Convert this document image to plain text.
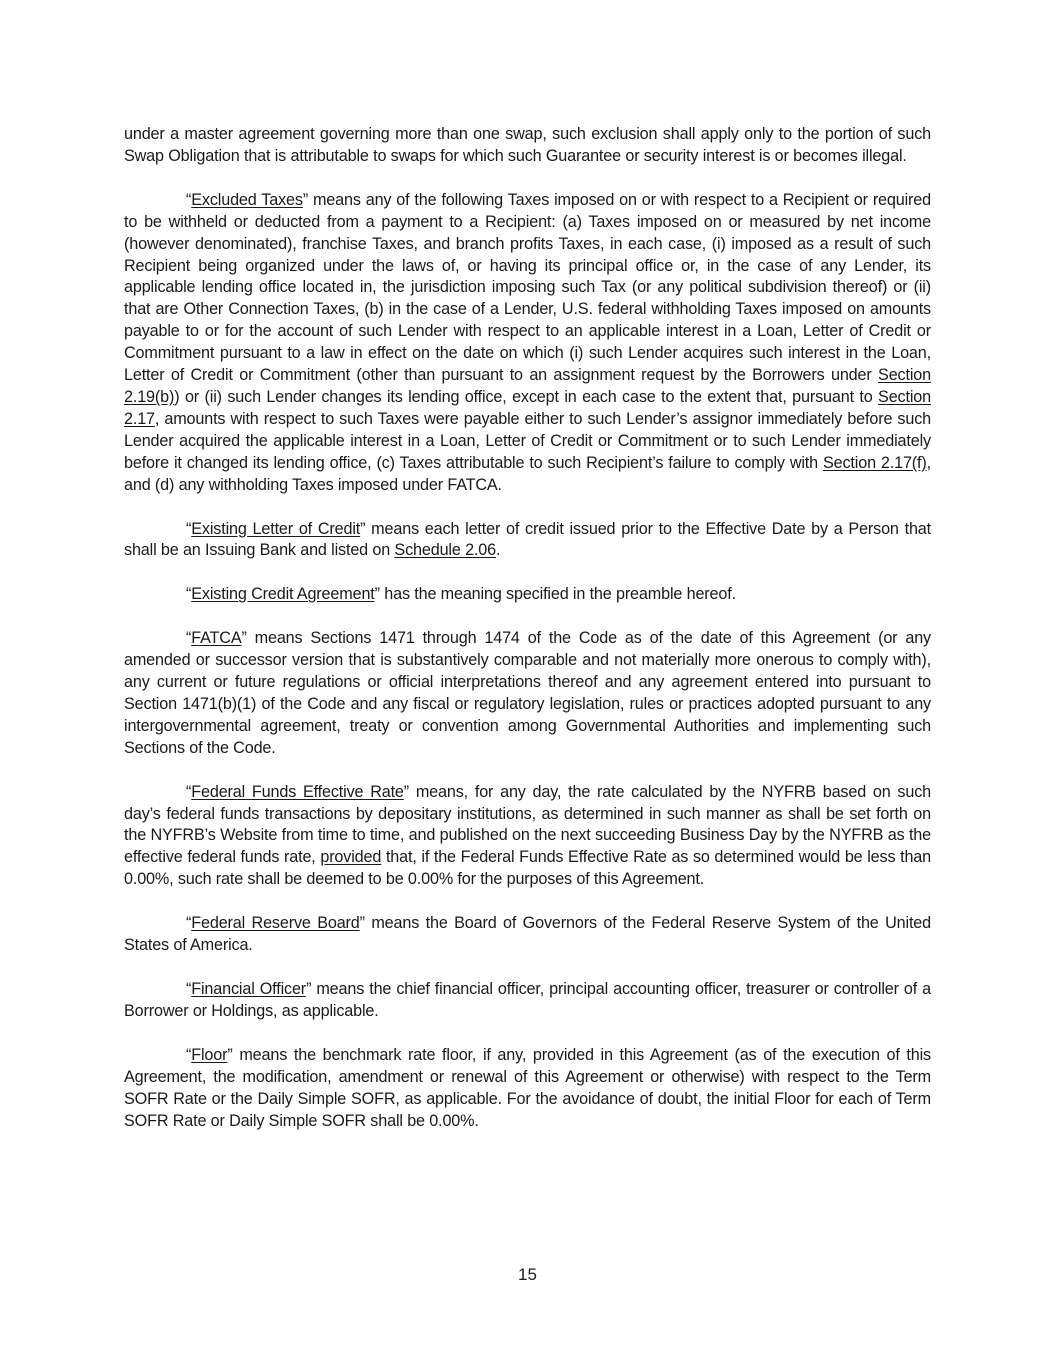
under a master agreement governing more than one swap, such exclusion shall apply only to the portion of such Swap Obligation that is attributable to swaps for which such Guarantee or security interest is or becomes illegal.

“Excluded Taxes” means any of the following Taxes imposed on or with respect to a Recipient or required to be withheld or deducted from a payment to a Recipient: (a) Taxes imposed on or measured by net income (however denominated), franchise Taxes, and branch profits Taxes, in each case, (i) imposed as a result of such Recipient being organized under the laws of, or having its principal office or, in the case of any Lender, its applicable lending office located in, the jurisdiction imposing such Tax (or any political subdivision thereof) or (ii) that are Other Connection Taxes, (b) in the case of a Lender, U.S. federal withholding Taxes imposed on amounts payable to or for the account of such Lender with respect to an applicable interest in a Loan, Letter of Credit or Commitment pursuant to a law in effect on the date on which (i) such Lender acquires such interest in the Loan, Letter of Credit or Commitment (other than pursuant to an assignment request by the Borrowers under Section 2.19(b)) or (ii) such Lender changes its lending office, except in each case to the extent that, pursuant to Section 2.17, amounts with respect to such Taxes were payable either to such Lender’s assignor immediately before such Lender acquired the applicable interest in a Loan, Letter of Credit or Commitment or to such Lender immediately before it changed its lending office, (c) Taxes attributable to such Recipient’s failure to comply with Section 2.17(f), and (d) any withholding Taxes imposed under FATCA.

“Existing Letter of Credit” means each letter of credit issued prior to the Effective Date by a Person that shall be an Issuing Bank and listed on Schedule 2.06.

“Existing Credit Agreement” has the meaning specified in the preamble hereof.

“FATCA” means Sections 1471 through 1474 of the Code as of the date of this Agreement (or any amended or successor version that is substantively comparable and not materially more onerous to comply with), any current or future regulations or official interpretations thereof and any agreement entered into pursuant to Section 1471(b)(1) of the Code and any fiscal or regulatory legislation, rules or practices adopted pursuant to any intergovernmental agreement, treaty or convention among Governmental Authorities and implementing such Sections of the Code.

“Federal Funds Effective Rate” means, for any day, the rate calculated by the NYFRB based on such day’s federal funds transactions by depositary institutions, as determined in such manner as shall be set forth on the NYFRB’s Website from time to time, and published on the next succeeding Business Day by the NYFRB as the effective federal funds rate, provided that, if the Federal Funds Effective Rate as so determined would be less than 0.00%, such rate shall be deemed to be 0.00% for the purposes of this Agreement.

“Federal Reserve Board” means the Board of Governors of the Federal Reserve System of the United States of America.

“Financial Officer” means the chief financial officer, principal accounting officer, treasurer or controller of a Borrower or Holdings, as applicable.

“Floor” means the benchmark rate floor, if any, provided in this Agreement (as of the execution of this Agreement, the modification, amendment or renewal of this Agreement or otherwise) with respect to the Term SOFR Rate or the Daily Simple SOFR, as applicable. For the avoidance of doubt, the initial Floor for each of Term SOFR Rate or Daily Simple SOFR shall be 0.00%.

15
